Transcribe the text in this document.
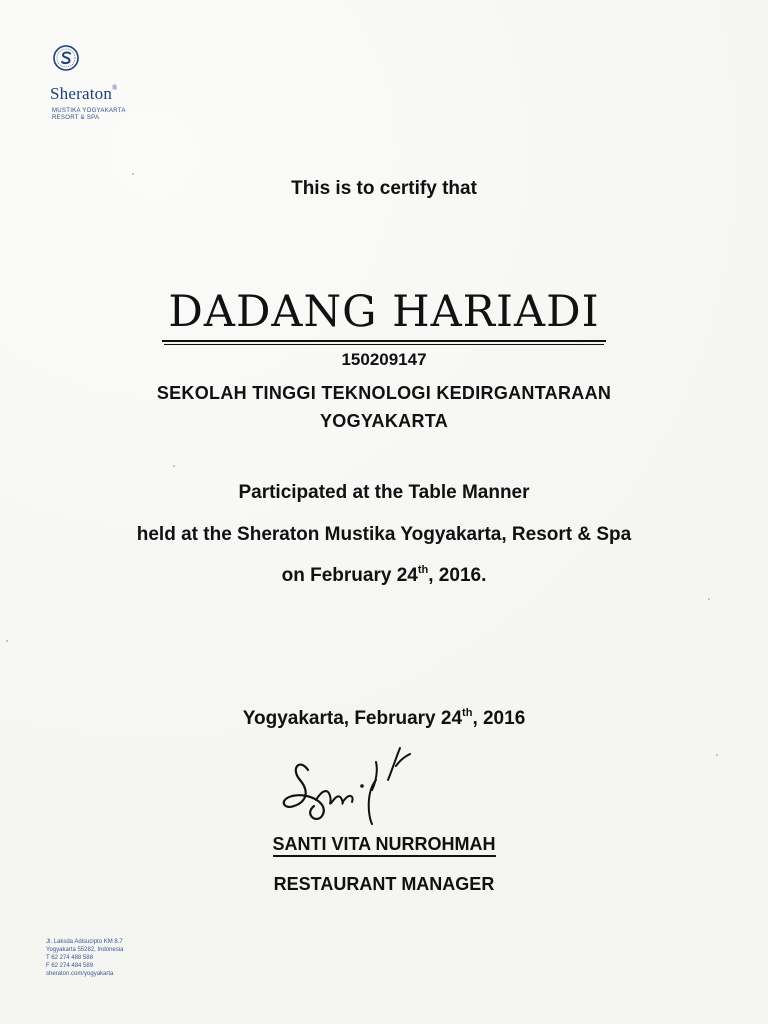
Sheraton®
MUSTIKA YOGYAKARTA
RESORT & SPA
This is to certify that
DADANG HARIADI
150209147
SEKOLAH TINGGI TEKNOLOGI KEDIRGANTARAAN
YOGYAKARTA
Participated at the Table Manner
held at the Sheraton Mustika Yogyakarta, Resort & Spa
on February 24th, 2016.
Yogyakarta, February 24th, 2016
SANTI VITA NURROHMAH
RESTAURANT MANAGER
Jl. Laksda Adisucipto KM 8.7
Yogyakarta 55282, Indonesia
T 62 274 488 588
F 62 274 484 589
sheraton.com/yogyakarta
